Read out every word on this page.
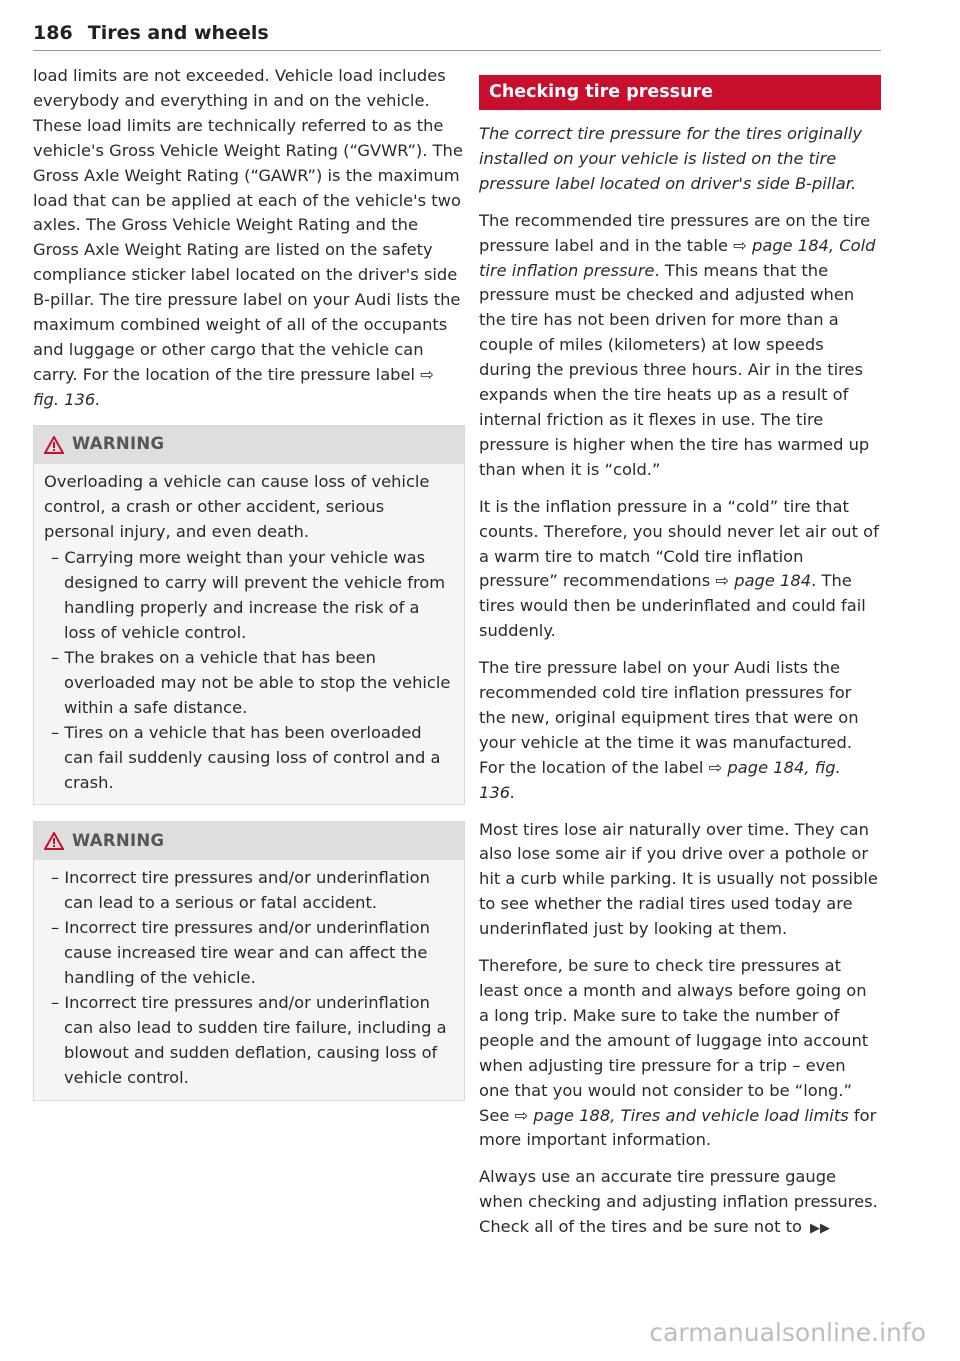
186 Tires and wheels

load limits are not exceeded. Vehicle load includes everybody and everything in and on the vehicle. These load limits are technically referred to as the vehicle's Gross Vehicle Weight Rating (“GVWR”). The Gross Axle Weight Rating (“GAWR”) is the maximum load that can be applied at each of the vehicle's two axles. The Gross Vehicle Weight Rating and the Gross Axle Weight Rating are listed on the safety compliance sticker label located on the driver's side B-pillar. The tire pressure label on your Audi lists the maximum combined weight of all of the occupants and luggage or other cargo that the vehicle can carry. For the location of the tire pressure label ⇨ fig. 136.

WARNING

Overloading a vehicle can cause loss of vehicle control, a crash or other accident, serious personal injury, and even death.

– Carrying more weight than your vehicle was designed to carry will prevent the vehicle from handling properly and increase the risk of a loss of vehicle control.
– The brakes on a vehicle that has been overloaded may not be able to stop the vehicle within a safe distance.
– Tires on a vehicle that has been overloaded can fail suddenly causing loss of control and a crash.
WARNING
– Incorrect tire pressures and/or underinflation can lead to a serious or fatal accident.
– Incorrect tire pressures and/or underinflation cause increased tire wear and can affect the handling of the vehicle.
– Incorrect tire pressures and/or underinflation can also lead to sudden tire failure, including a blowout and sudden deflation, causing loss of vehicle control.
Checking tire pressure

The correct tire pressure for the tires originally installed on your vehicle is listed on the tire pressure label located on driver's side B-pillar.

The recommended tire pressures are on the tire pressure label and in the table ⇨ page 184, Cold tire inflation pressure. This means that the pressure must be checked and adjusted when the tire has not been driven for more than a couple of miles (kilometers) at low speeds during the previous three hours. Air in the tires expands when the tire heats up as a result of internal friction as it flexes in use. The tire pressure is higher when the tire has warmed up than when it is “cold.”

It is the inflation pressure in a “cold” tire that counts. Therefore, you should never let air out of a warm tire to match “Cold tire inflation pressure” recommendations ⇨ page 184. The tires would then be underinflated and could fail suddenly.

The tire pressure label on your Audi lists the recommended cold tire inflation pressures for the new, original equipment tires that were on your vehicle at the time it was manufactured. For the location of the label ⇨ page 184, fig. 136.

Most tires lose air naturally over time. They can also lose some air if you drive over a pothole or hit a curb while parking. It is usually not possible to see whether the radial tires used today are underinflated just by looking at them.

Therefore, be sure to check tire pressures at least once a month and always before going on a long trip. Make sure to take the number of people and the amount of luggage into account when adjusting tire pressure for a trip – even one that you would not consider to be “long.” See ⇨ page 188, Tires and vehicle load limits for more important information.

Always use an accurate tire pressure gauge when checking and adjusting inflation pressures. Check all of the tires and be sure not to ▶▶

carmanualsonline.info
